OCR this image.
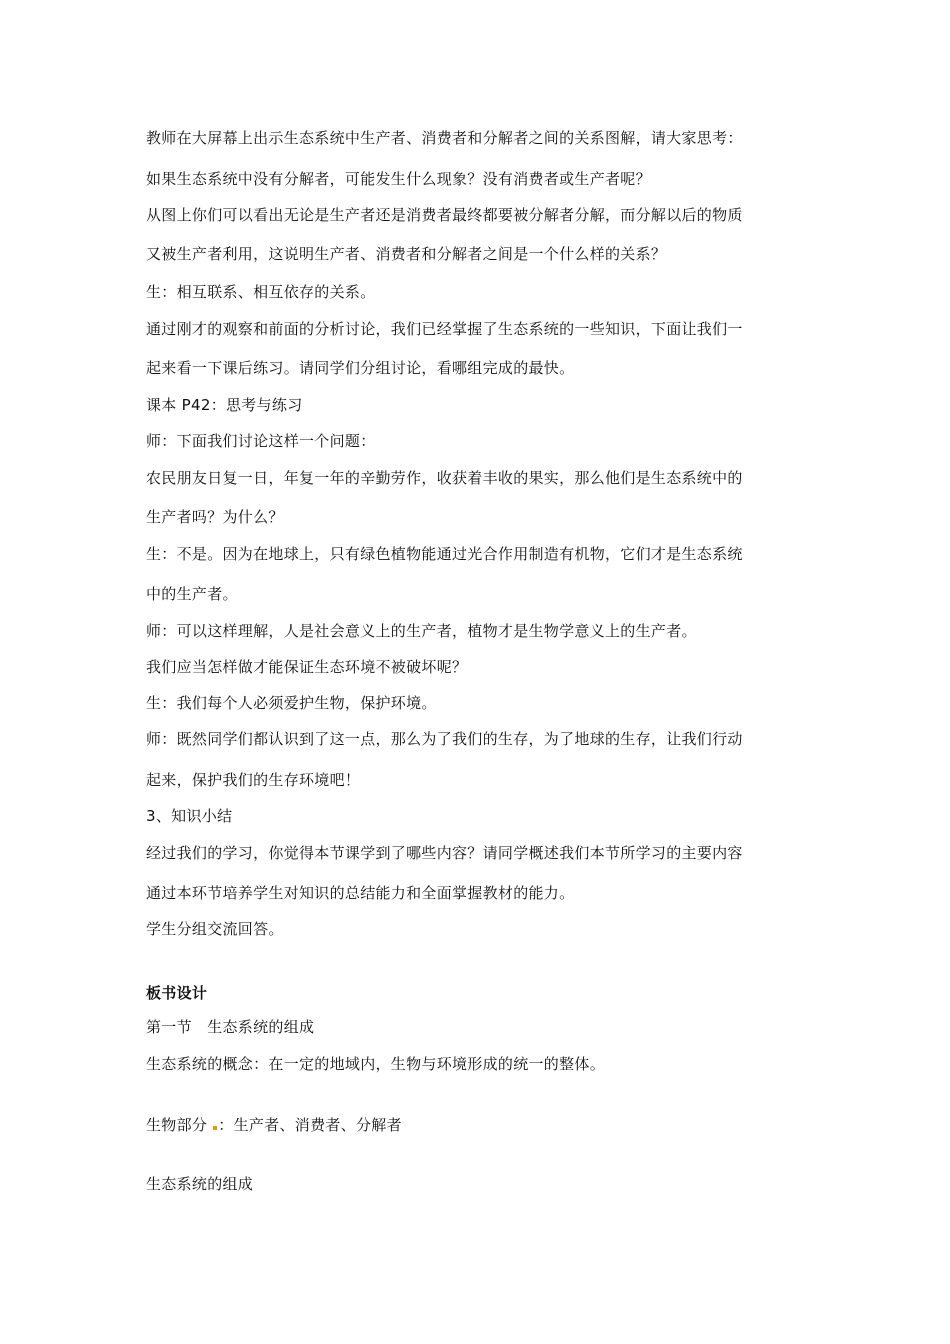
教师在大屏幕上出示生态系统中生产者、消费者和分解者之间的关系图解，请大家思考：
如果生态系统中没有分解者，可能发生什么现象？没有消费者或生产者呢？
从图上你们可以看出无论是生产者还是消费者最终都要被分解者分解，而分解以后的物质
又被生产者利用，这说明生产者、消费者和分解者之间是一个什么样的关系？
生：相互联系、相互依存的关系。
通过刚才的观察和前面的分析讨论，我们已经掌握了生态系统的一些知识，下面让我们一
起来看一下课后练习。请同学们分组讨论，看哪组完成的最快。
课本 P42：思考与练习
师：下面我们讨论这样一个问题：
农民朋友日复一日，年复一年的辛勤劳作，收获着丰收的果实，那么他们是生态系统中的
生产者吗？为什么？
生：不是。因为在地球上，只有绿色植物能通过光合作用制造有机物，它们才是生态系统
中的生产者。
师：可以这样理解，人是社会意义上的生产者，植物才是生物学意义上的生产者。
我们应当怎样做才能保证生态环境不被破坏呢？
生：我们每个人必须爱护生物，保护环境。
师：既然同学们都认识到了这一点，那么为了我们的生存，为了地球的生存，让我们行动
起来，保护我们的生存环境吧！
3、知识小结
经过我们的学习，你觉得本节课学到了哪些内容？请同学概述我们本节所学习的主要内容
通过本环节培养学生对知识的总结能力和全面掌握教材的能力。
学生分组交流回答。
板书设计
第一节　生态系统的组成
生态系统的概念：在一定的地域内，生物与环境形成的统一的整体。
生物部分 ：生产者、消费者、分解者
生态系统的组成
